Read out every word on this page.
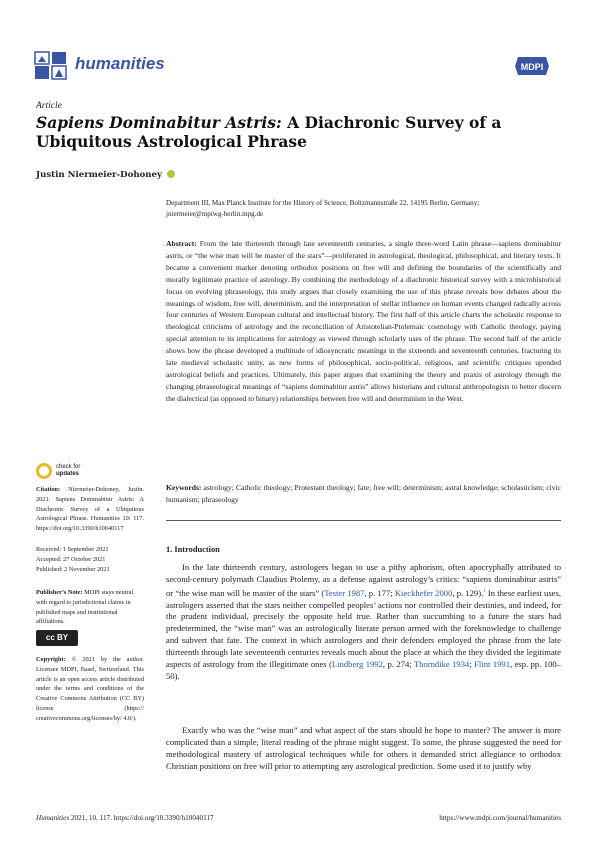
humanities	MDPI
Article
Sapiens Dominabitur Astris: A Diachronic Survey of a Ubiquitous Astrological Phrase
Justin Niermeier-Dohoney
Department III, Max Planck Institute for the History of Science, Boltzmannstraße 22, 14195 Berlin, Germany;
jniermeier@mpiwg-berlin.mpg.de
Abstract: From the late thirteenth through late seventeenth centuries, a single three-word Latin phrase—sapiens dominabitur astris, or “the wise man will be master of the stars”—proliferated in astrological, theological, philosophical, and literary texts. It became a convenient marker denoting orthodox positions on free will and defining the boundaries of the scientifically and morally legitimate practice of astrology. By combining the methodology of a diachronic historical survey with a microhistorical focus on evolving phraseology, this study argues that closely examining the use of this phrase reveals how debates about the meanings of wisdom, free will, determinism, and the interpretation of stellar influence on human events changed radically across four centuries of Western European cultural and intellectual history. The first half of this article charts the scholastic response to theological criticisms of astrology and the reconciliation of Aristotelian-Ptolemaic cosmology with Catholic theology, paying special attention to its implications for astrology as viewed through scholarly uses of the phrase. The second half of the article shows how the phrase developed a multitude of idiosyncratic meanings in the sixteenth and seventeenth centuries, fracturing its late medieval scholastic unity, as new forms of philosophical, socio-political, religious, and scientific critiques upended astrological beliefs and practices. Ultimately, this paper argues that examining the theory and praxis of astrology through the changing phraseological meanings of “sapiens dominabitur astris” allows historians and cultural anthropologists to better discern the dialectical (as opposed to binary) relationships between free will and determinism in the West.
Keywords: astrology; Catholic theology; Protestant theology; fate; free will; determinism; astral knowledge; scholasticism; civic humanism; phraseology
1. Introduction
In the late thirteenth century, astrologers began to use a pithy aphorism, often apocryphally attributed to second-century polymath Claudius Ptolemy, as a defense against astrology’s critics: “sapiens dominabitur astris” or “the wise man will be master of the stars” (Tester 1987, p. 177; Kieckhefer 2000, p. 129).$^1$ In these earliest uses, astrologers asserted that the stars neither compelled peoples’ actions nor controlled their destinies, and indeed, for the prudent individual, precisely the opposite held true. Rather than succumbing to a future the stars had predetermined, the “wise man” was an astrologically literate person armed with the foreknowledge to challenge and subvert that fate. The context in which astrologers and their defenders employed the phrase from the late thirteenth through late seventeenth centuries reveals much about the place at which the they divided the legitimate aspects of astrology from the illegitimate ones (Lindberg 1992, p. 274; Thorndike 1934; Flint 1991, esp. pp. 100–50).
Exactly who was the “wise man” and what aspect of the stars should he hope to master? The answer is more complicated than a simple, literal reading of the phrase might suggest. To some, the phrase suggested the need for methodological mastery of astrological techniques while for others it demanded strict allegiance to orthodox Christian positions on free will prior to attempting any astrological prediction. Some used it to justify why
check for
updates
Citation: Niermeier-Dohoney, Justin. 2021. Sapiens Dominabitur Astris: A Diachronic Survey of a Ubiquitous Astrological Phrase. Humanities 10: 117. https://doi.org/10.3390/h10040117
Received: 1 September 2021
Accepted: 27 October 2021
Published: 2 November 2021
Publisher’s Note: MDPI stays neutral with regard to jurisdictional claims in published maps and institutional affiliations.
cc BY
Copyright: © 2021 by the author. Licensee MDPI, Basel, Switzerland. This article is an open access article distributed under the terms and conditions of the Creative Commons Attribution (CC BY) license (https:// creativecommons.org/licenses/by/ 4.0/).
Humanities 2021, 10, 117. https://doi.org/10.3390/h10040117	https://www.mdpi.com/journal/humanities
